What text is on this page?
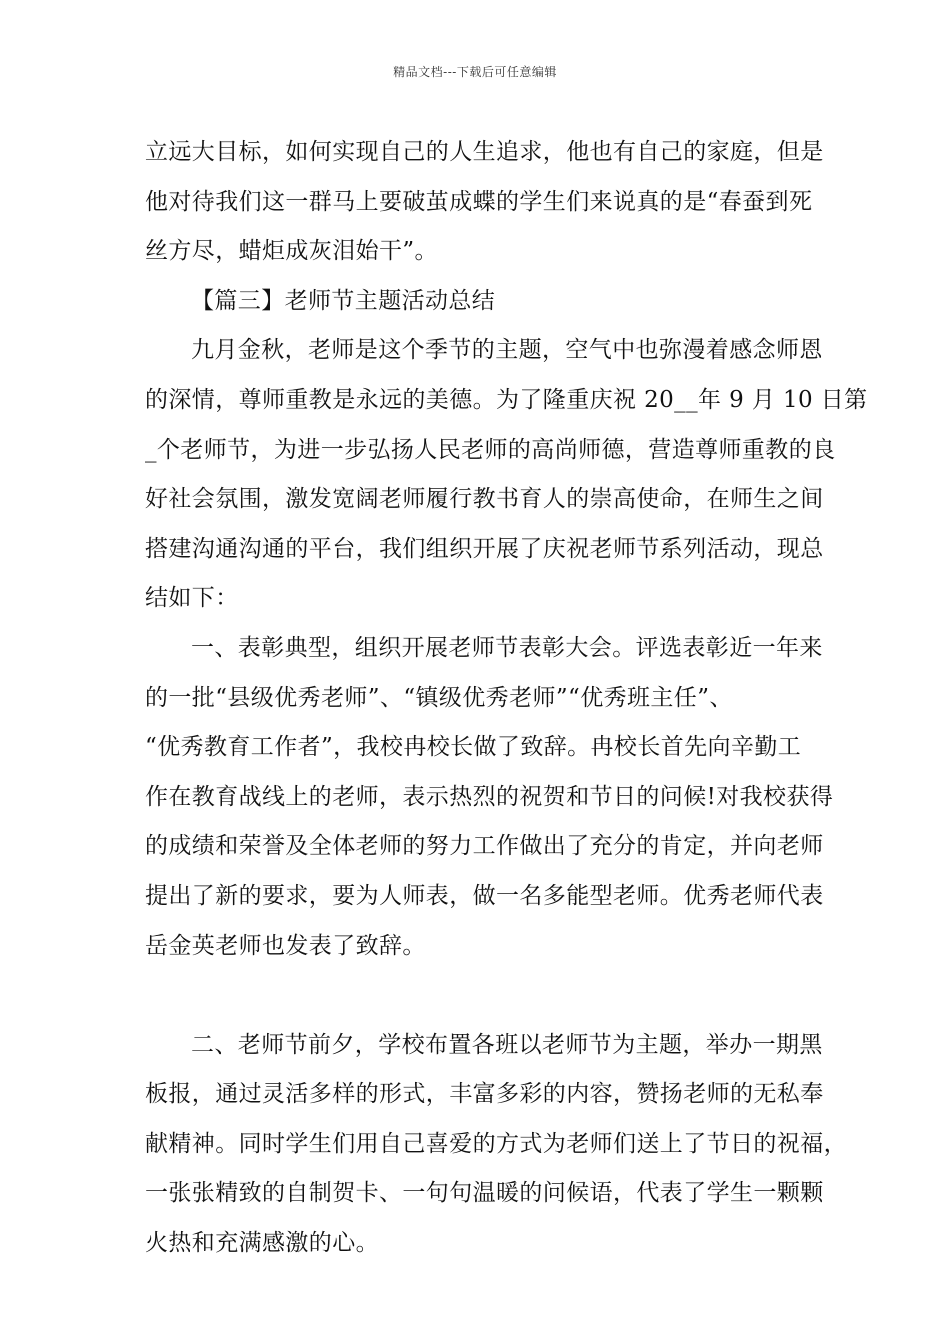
精品文档---下载后可任意编辑
立远大目标，如何实现自己的人生追求，他也有自己的家庭，但是
他对待我们这一群马上要破茧成蝶的学生们来说真的是“春蚕到死
丝方尽，蜡炬成灰泪始干”。
【篇三】老师节主题活动总结
九月金秋，老师是这个季节的主题，空气中也弥漫着感念师恩
的深情，尊师重教是永远的美德。为了隆重庆祝 20__年 9 月 10 日第
_个老师节，为进一步弘扬人民老师的高尚师德，营造尊师重教的良
好社会氛围，激发宽阔老师履行教书育人的崇高使命，在师生之间
搭建沟通沟通的平台，我们组织开展了庆祝老师节系列活动，现总
结如下：
一、表彰典型，组织开展老师节表彰大会。评选表彰近一年来
的一批“县级优秀老师”、“镇级优秀老师”“优秀班主任”、
“优秀教育工作者”，我校冉校长做了致辞。冉校长首先向辛勤工
作在教育战线上的老师，表示热烈的祝贺和节日的问候!对我校获得
的成绩和荣誉及全体老师的努力工作做出了充分的肯定，并向老师
提出了新的要求，要为人师表，做一名多能型老师。优秀老师代表
岳金英老师也发表了致辞。
二、老师节前夕，学校布置各班以老师节为主题，举办一期黑
板报，通过灵活多样的形式，丰富多彩的内容，赞扬老师的无私奉
献精神。同时学生们用自己喜爱的方式为老师们送上了节日的祝福，
一张张精致的自制贺卡、一句句温暖的问候语，代表了学生一颗颗
火热和充满感激的心。
